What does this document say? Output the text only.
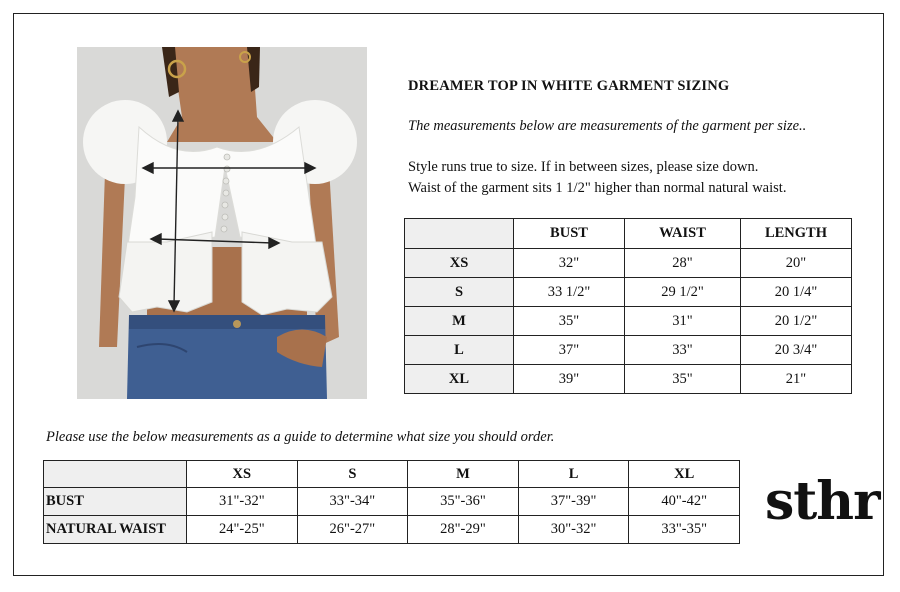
DREAMER TOP IN WHITE GARMENT SIZING
The measurements below are measurements of the garment per size..
Style runs true to size. If in between sizes, please size down.
Waist of the garment sits 1 1/2" higher than normal natural waist.
	BUST	WAIST	LENGTH
XS	32"	28"	20"
S	33 1/2"	29 1/2"	20 1/4"
M	35"	31"	20 1/2"
L	37"	33"	20 3/4"
XL	39"	35"	21"
Please use the below measurements as a guide to determine what size you should order.
	XS	S	M	L	XL
BUST	31"-32"	33"-34"	35"-36"	37"-39"	40"-42"
NATURAL WAIST	24"-25"	26"-27"	28"-29"	30"-32"	33"-35" sthr
